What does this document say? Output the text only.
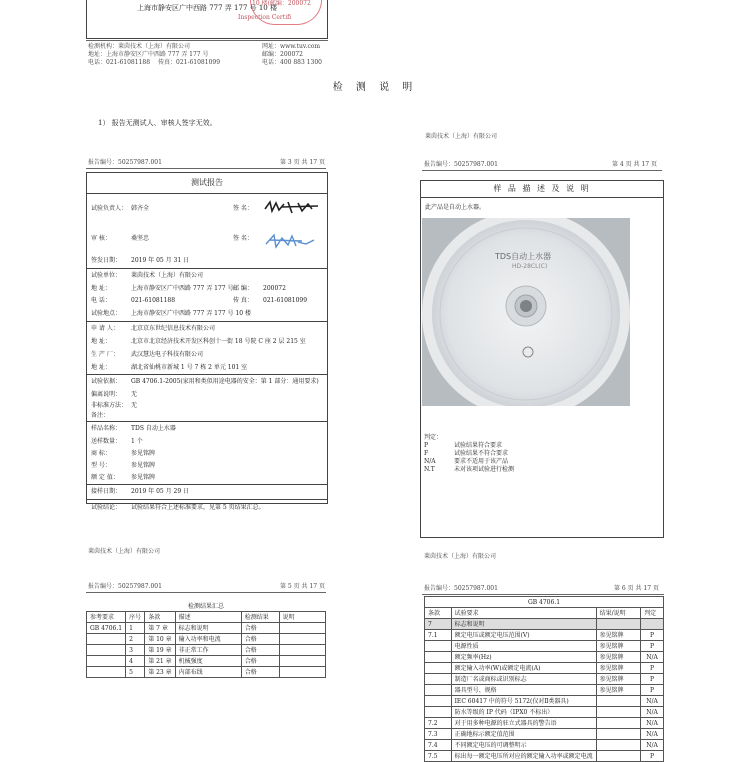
上海市静安区广中西路 777 弄 177 号 10 楼
Inspection Certifi
10 楼(邮编：200072
检测机构：莱茵技术（上海）有限公司
地址：上海市静安区广中西路 777 弄 177 号
电话：021-61081188	传真：021-61081099
网址：www.tuv.com
邮编：200072
电话：400 883 1300
检 测 说 明
1） 报告无测试人、审核人签字无效。
莱茵技术（上海）有限公司
报告编号：50257987.001	第 3 页 共 17 页
测试报告
试验负责人： 韩齐全	签 名：
审 核：	桑坚忠	签 名：
签发日期： 2019 年 05 月 31 日
试验单位： 莱茵技术（上海）有限公司
地 址：	上海市静安区广中西路 777 弄 177 号 邮 编： 200072
电 话：	021-61081188	传 真： 021-61081099
试验地点： 上海市静安区广中西路 777 弄 177 号 10 楼
申 请 人： 北京京东世纪信息技术有限公司
地 址：	北京市北京经济技术开发区科创十一街 18 号院 C 座 2 层 215 室
生 产 厂： 武汉慧达电子科技有限公司
地 址：	湖北省仙桃市新城 1 号 7 栋 2 单元 101 室
试验依据： GB 4706.1-2005(家用和类似用途电器的安全：第 1 部分：通用要求)
偏离说明： 无
非标准方法： 无
备注：
样品名称： TDS 自动上水器
送样数量： 1 个
商 标：	参见铭牌
型 号：	参见铭牌
额 定 值： 参见铭牌
接样日期： 2019 年 05 月 29 日
试验结论： 试验结果符合上述标准要求，见第 5 页结果汇总。
莱茵技术（上海）有限公司
报告编号：50257987.001	第 4 页 共 17 页
样 品 描 述 及 说 明
此产品是自动上水器。
TDS自动上水器
HD-28CL(C)
判定：
P	试验结果符合要求
F	试验结果不符合要求
N/A	要求不适用于该产品
N.T	未对该项试验进行检测
莱茵技术（上海）有限公司
报告编号：50257987.001	第 5 页 共 17 页
检测结果汇总
参考要求	序号	条款	描述	检测结果	说明
GB 4706.1	1	第 7 章	标志和说明	合格	
	2	第 10 章	输入功率和电流	合格	
	3	第 19 章	非正常工作	合格	
	4	第 21 章	机械强度	合格	
	5	第 23 章	内部布线	合格	
报告编号：50257987.001	第 6 页 共 17 页
GB 4706.1			
条款	试验要求	结果/说明	判定
7	标志和说明		
7.1	额定电压或额定电压范围(V)	参见铭牌	P
	电源性质	参见铭牌	P
	额定频率(Hz)	参见铭牌	N/A
	额定输入功率(W)或额定电流(A)	参见铭牌	P
	制造厂名或商标或识别标志	参见铭牌	P
	器具型号、规格	参见铭牌	P
	IEC 60417 中的符号 5172(仅对Ⅱ类器具)		N/A
	防水等级的 IP 代码（IPX0 不标出）		N/A
7.2	对于用多种电源的驻立式器具的警告语		N/A
7.3	正确地标示额定值范围		N/A
7.4	不同额定电压的可调整明示		N/A
7.5	标出每一额定电压所对应的额定输入功率或额定电流		P
